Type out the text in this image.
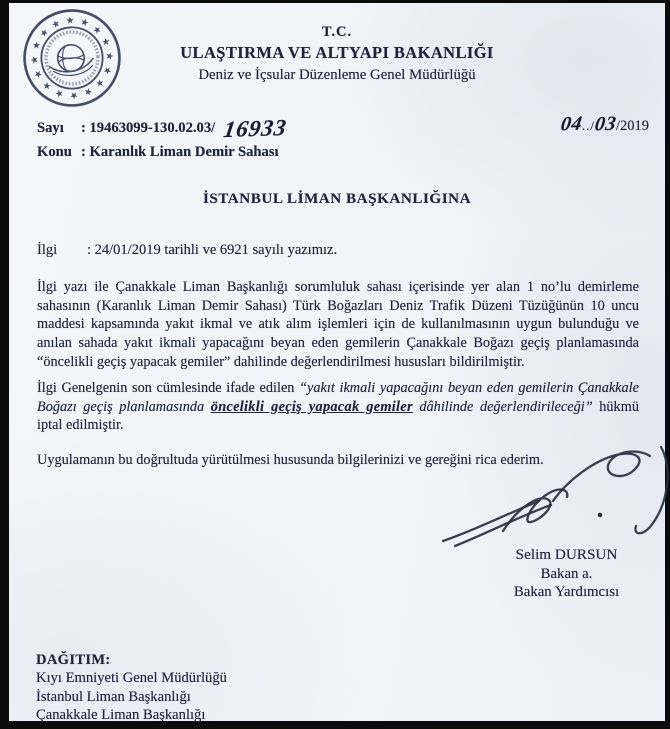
★ ★
★
★
★
★
★
★
★
★
★
★
★
★
★
★
T.C.
ULAŞTIRMA VE ALTYAPI BAKANLIĞI
Deniz ve İçsular Düzenleme Genel Müdürlüğü
Sayı	: 19463099-130.02.03/ 16933
Konu : Karanlık Liman Demir Sahası
04../03/2019
İSTANBUL LİMAN BAŞKANLIĞINA
İlgi	: 24/01/2019 tarihli ve 6921 sayılı yazımız.
İlgi yazı ile Çanakkale Liman Başkanlığı sorumluluk sahası içerisinde yer alan 1 no’lu demirleme sahasının (Karanlık Liman Demir Sahası) Türk Boğazları Deniz Trafik Düzeni Tüzüğünün 10 uncu maddesi kapsamında yakıt ikmal ve atık alım işlemleri için de kullanılmasının uygun bulunduğu ve anılan sahada yakıt ikmali yapacağını beyan eden gemilerin Çanakkale Boğazı geçiş planlamasında “öncelikli geçiş yapacak gemiler” dahilinde değerlendirilmesi hususları bildirilmiştir.
İlgi Genelgenin son cümlesinde ifade edilen “yakıt ikmali yapacağını beyan eden gemilerin Çanakkale Boğazı geçiş planlamasında öncelikli geçiş yapacak gemiler dâhilinde değerlendirileceği” hükmü iptal edilmiştir.
Uygulamanın bu doğrultuda yürütülmesi hususunda bilgilerinizi ve gereğini rica ederim.
Selim DURSUN
Bakan a.
Bakan Yardımcısı
DAĞITIM:
Kıyı Emniyeti Genel Müdürlüğü
İstanbul Liman Başkanlığı
Çanakkale Liman Başkanlığı
